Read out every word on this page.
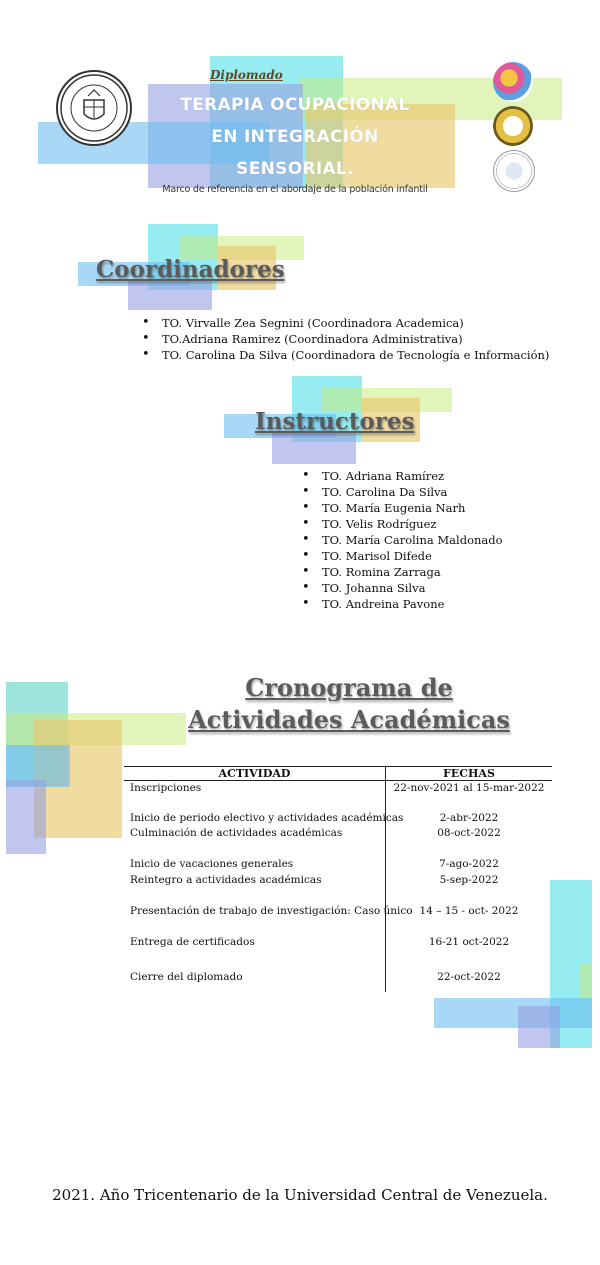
Diplomado
TERAPIA OCUPACIONAL
EN INTEGRACIÓN
SENSORIAL.
Marco de referencia en el abordaje de la población infantil
Coordinadores
• TO. Virvalle Zea Segnini (Coordinadora Academica)
• TO.Adriana Ramirez (Coordinadora Administrativa)
• TO. Carolina Da Silva (Coordinadora de Tecnología e Información)
Instructores
• TO. Adriana Ramírez
• TO. Carolina Da Silva
• TO. María Eugenia Narh
• TO. Velis Rodríguez
• TO. María Carolina Maldonado
• TO. Marisol Difede
• TO. Romina Zarraga
• TO. Johanna Silva
• TO. Andreina Pavone
Cronograma de
Actividades Académicas
ACTIVIDAD	FECHAS
Inscripciones	22-nov-2021 al 15-mar-2022
Inicio de periodo electivo y actividades académicas	2-abr-2022
Culminación de actividades académicas	08-oct-2022
Inicio de vacaciones generales	7-ago-2022
Reintegro a actividades académicas	5-sep-2022
Presentación de trabajo de investigación: Caso único 14 – 15 - oct- 2022
Entrega de certificados	16-21 oct-2022
Cierre del diplomado	22-oct-2022
2021. Año Tricentenario de la Universidad Central de Venezuela.
